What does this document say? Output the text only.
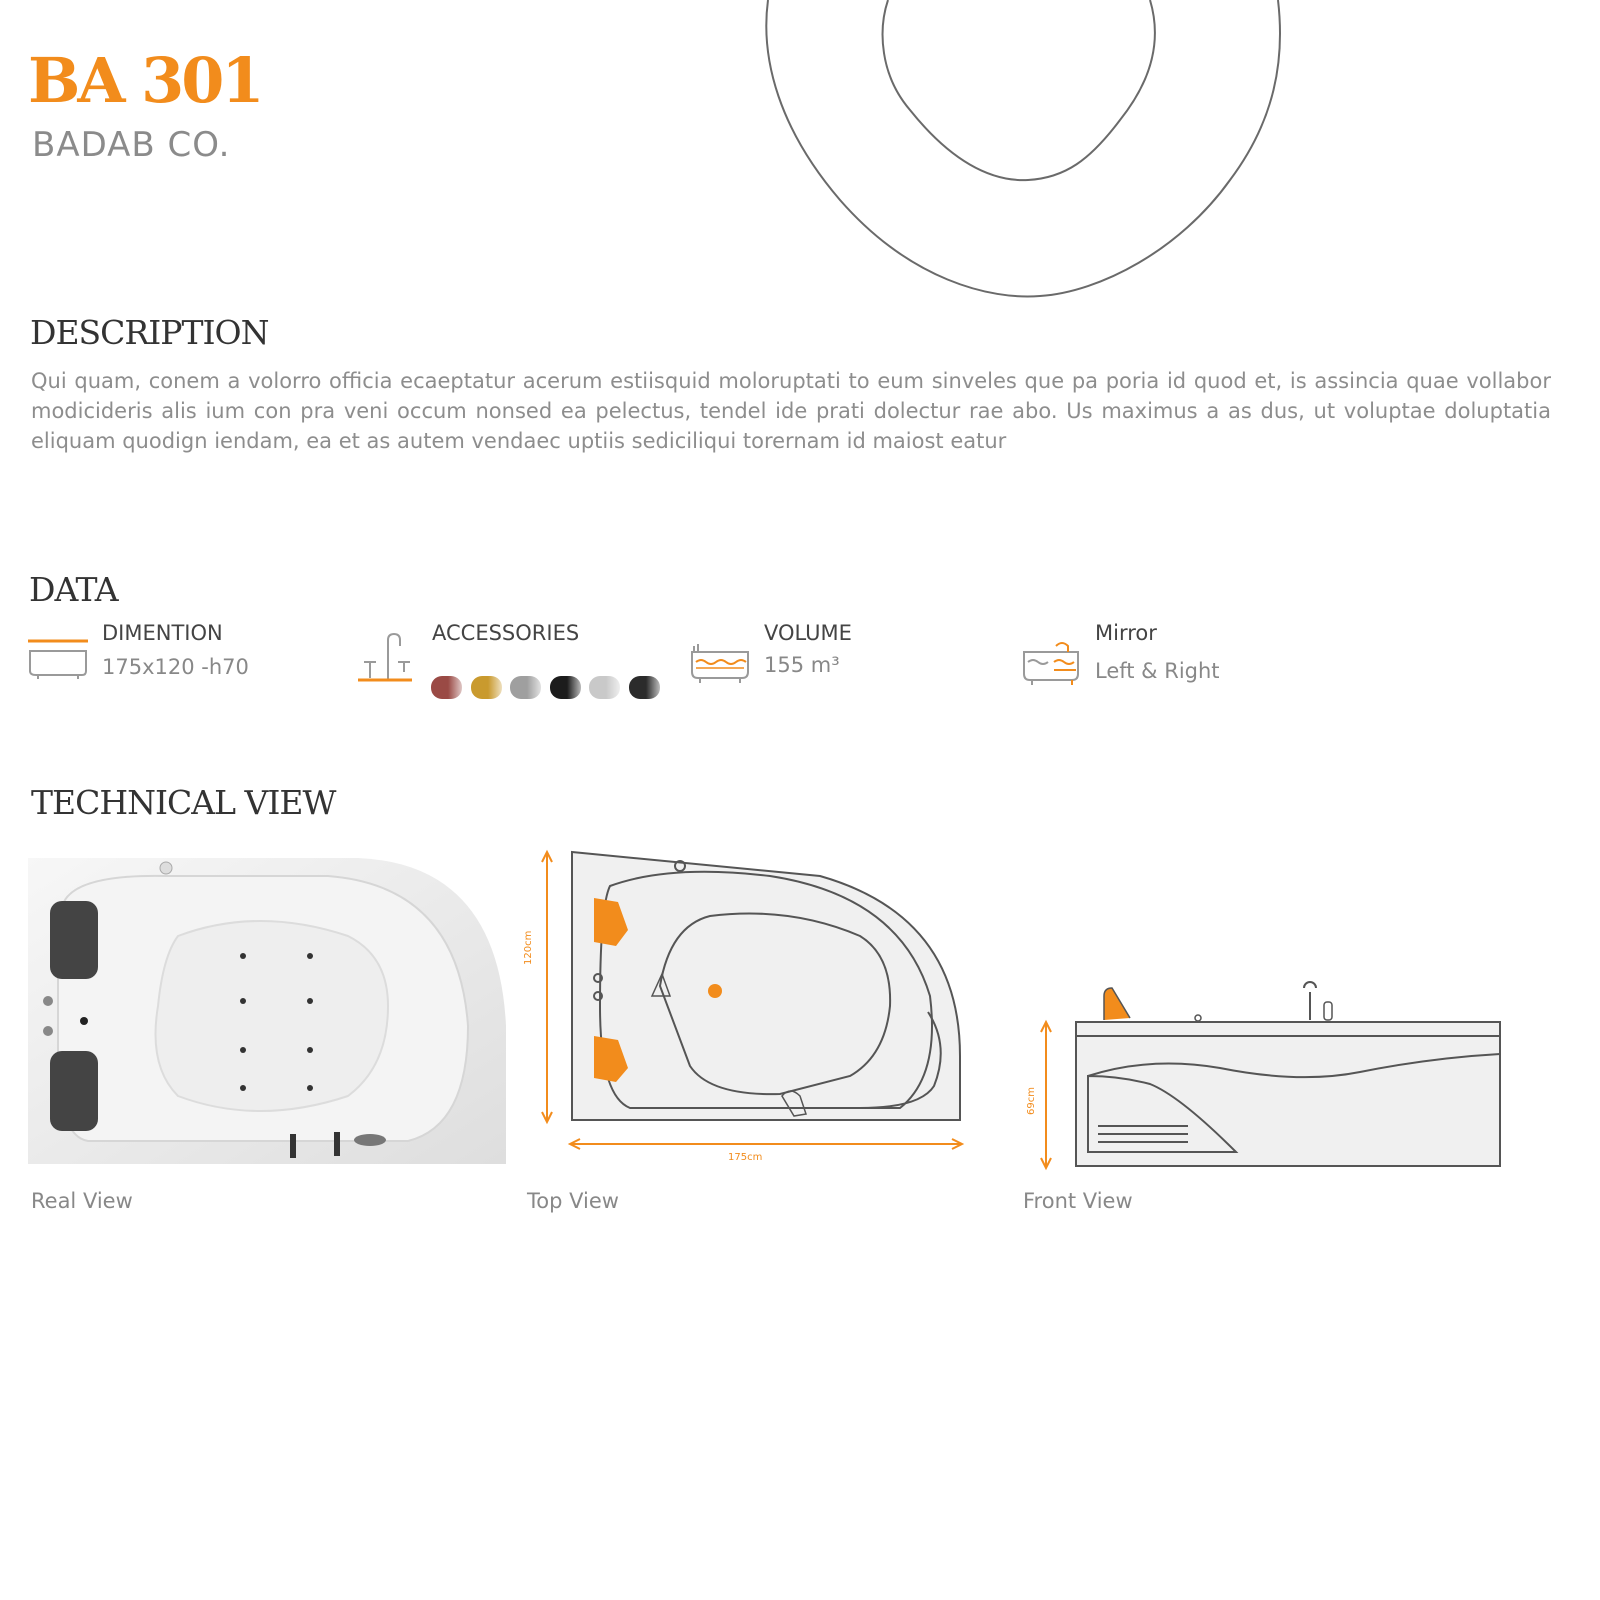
BA 301
BADAB CO.
DESCRIPTION
Qui quam, conem a volorro officia ecaeptatur acerum estiisquid moloruptati to eum sinveles que pa poria id quod et, is assincia quae vollabor modicideris alis ium con pra veni occum nonsed ea pelectus, tendel ide prati dolectur rae abo. Us maximus a as dus, ut voluptae doluptatia eliquam quodign iendam, ea et as autem vendaec uptiis sediciliqui torernam id maiost eatur
DATA
DIMENTION
175x120 -h70
ACCESSORIES	VOLUME
155 m³
Mirror
Left & Right
TECHNICAL VIEW
Real View
120cm
175cm
Top View
69cm
Front View
